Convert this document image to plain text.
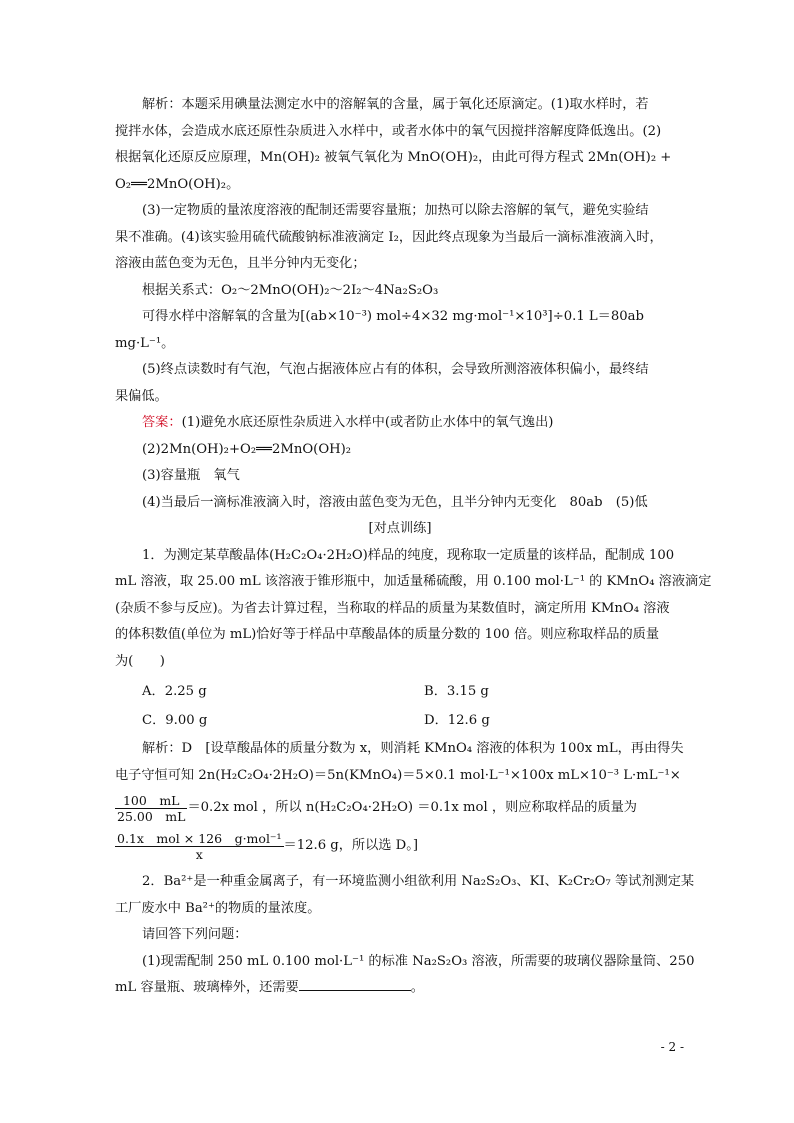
解析：本题采用碘量法测定水中的溶解氧的含量，属于氧化还原滴定。(1)取水样时，若
搅拌水体，会造成水底还原性杂质进入水样中，或者水体中的氧气因搅拌溶解度降低逸出。(2)
根据氧化还原反应原理，Mn(OH)₂ 被氧气氧化为 MnO(OH)₂，由此可得方程式 2Mn(OH)₂ +
O₂══2MnO(OH)₂。
(3)一定物质的量浓度溶液的配制还需要容量瓶；加热可以除去溶解的氧气，避免实验结
果不准确。(4)该实验用硫代硫酸钠标准液滴定 I₂，因此终点现象为当最后一滴标准液滴入时，
溶液由蓝色变为无色，且半分钟内无变化；
根据关系式：O₂～2MnO(OH)₂～2I₂～4Na₂S₂O₃
可得水样中溶解氧的含量为[(ab×10⁻³) mol÷4×32 mg·mol⁻¹×10³]÷0.1 L＝80ab
mg·L⁻¹。
(5)终点读数时有气泡，气泡占据液体应占有的体积，会导致所测溶液体积偏小，最终结
果偏低。
答案：(1)避免水底还原性杂质进入水样中(或者防止水体中的氧气逸出)
(2)2Mn(OH)₂+O₂══2MnO(OH)₂
(3)容量瓶　氧气
(4)当最后一滴标准液滴入时，溶液由蓝色变为无色，且半分钟内无变化　80ab　(5)低
[对点训练]
1．为测定某草酸晶体(H₂C₂O₄·2H₂O)样品的纯度，现称取一定质量的该样品，配制成 100
mL 溶液，取 25.00 mL 该溶液于锥形瓶中，加适量稀硫酸，用 0.100 mol·L⁻¹ 的 KMnO₄ 溶液滴定
(杂质不参与反应)。为省去计算过程，当称取的样品的质量为某数值时，滴定所用 KMnO₄ 溶液
的体积数值(单位为 mL)恰好等于样品中草酸晶体的质量分数的 100 倍。则应称取样品的质量
为(　　)
A．2.25 g	B．3.15 g
C．9.00 g	D．12.6 g
解析：D　[设草酸晶体的质量分数为 x，则消耗 KMnO₄ 溶液的体积为 100x mL，再由得失
电子守恒可知 2n(H₂C₂O₄·2H₂O)＝5n(KMnO₄)＝5×0.1 mol·L⁻¹×100x mL×10⁻³ L·mL⁻¹×
$\frac{100 mL}{25.00 mL} =0.2x$ mol ，所以 n(H₂C₂O₄·2H₂O) ＝0.1x mol ，则应称取样品的质量为
$\frac{\text{0.1x　mol × 126　g·mol⁻¹}}{x} =12.6$ g，所以选 D。]
2．Ba²⁺是一种重金属离子，有一环境监测小组欲利用 Na₂S₂O₃、KI、K₂Cr₂O₇ 等试剂测定某
工厂废水中 Ba²⁺的物质的量浓度。
请回答下列问题：
(1)现需配制 250 mL 0.100 mol·L⁻¹ 的标准 Na₂S₂O₃ 溶液，所需要的玻璃仪器除量筒、250
mL 容量瓶、玻璃棒外，还需要	。
- 2 -
